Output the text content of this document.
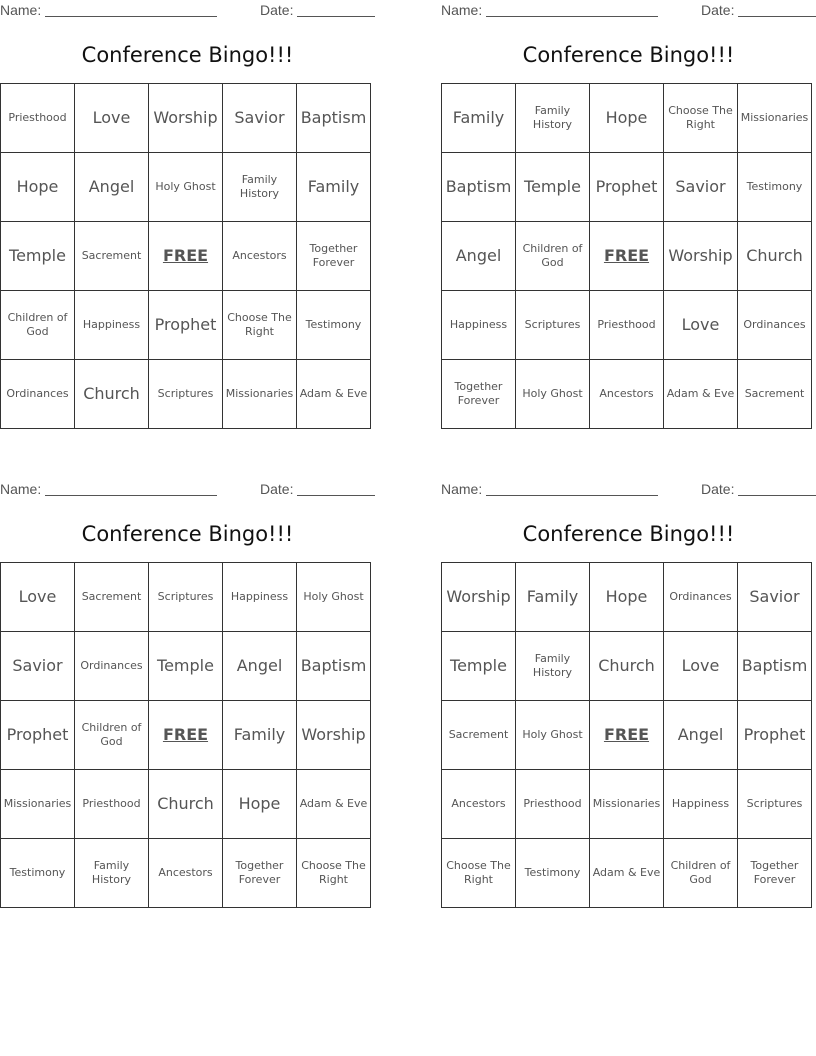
Name:	Date:
Conference Bingo!!!
Priesthood	Love	Worship	Savior	Baptism
Hope	Angel	Holy Ghost	Family History	Family
Temple	Sacrement	FREE	Ancestors	Together Forever
Children of God	Happiness	Prophet	Choose The Right	Testimony
Ordinances	Church	Scriptures	Missionaries	Adam & Eve
Name:	Date:
Conference Bingo!!!
Family	Family History	Hope	Choose The Right	Missionaries
Baptism	Temple	Prophet	Savior	Testimony
Angel	Children of God	FREE	Worship	Church
Happiness	Scriptures	Priesthood	Love	Ordinances
Together Forever	Holy Ghost	Ancestors	Adam & Eve	Sacrement
Name:	Date:
Conference Bingo!!!
Love	Sacrement	Scriptures	Happiness	Holy Ghost
Savior	Ordinances	Temple	Angel	Baptism
Prophet	Children of God	FREE	Family	Worship
Missionaries	Priesthood	Church	Hope	Adam & Eve
Testimony	Family History	Ancestors	Together Forever	Choose The Right
Name:	Date:
Conference Bingo!!!
Worship	Family	Hope	Ordinances	Savior
Temple	Family History	Church	Love	Baptism
Sacrement	Holy Ghost	FREE	Angel	Prophet
Ancestors	Priesthood	Missionaries	Happiness	Scriptures
Choose The Right	Testimony	Adam & Eve	Children of God	Together Forever
